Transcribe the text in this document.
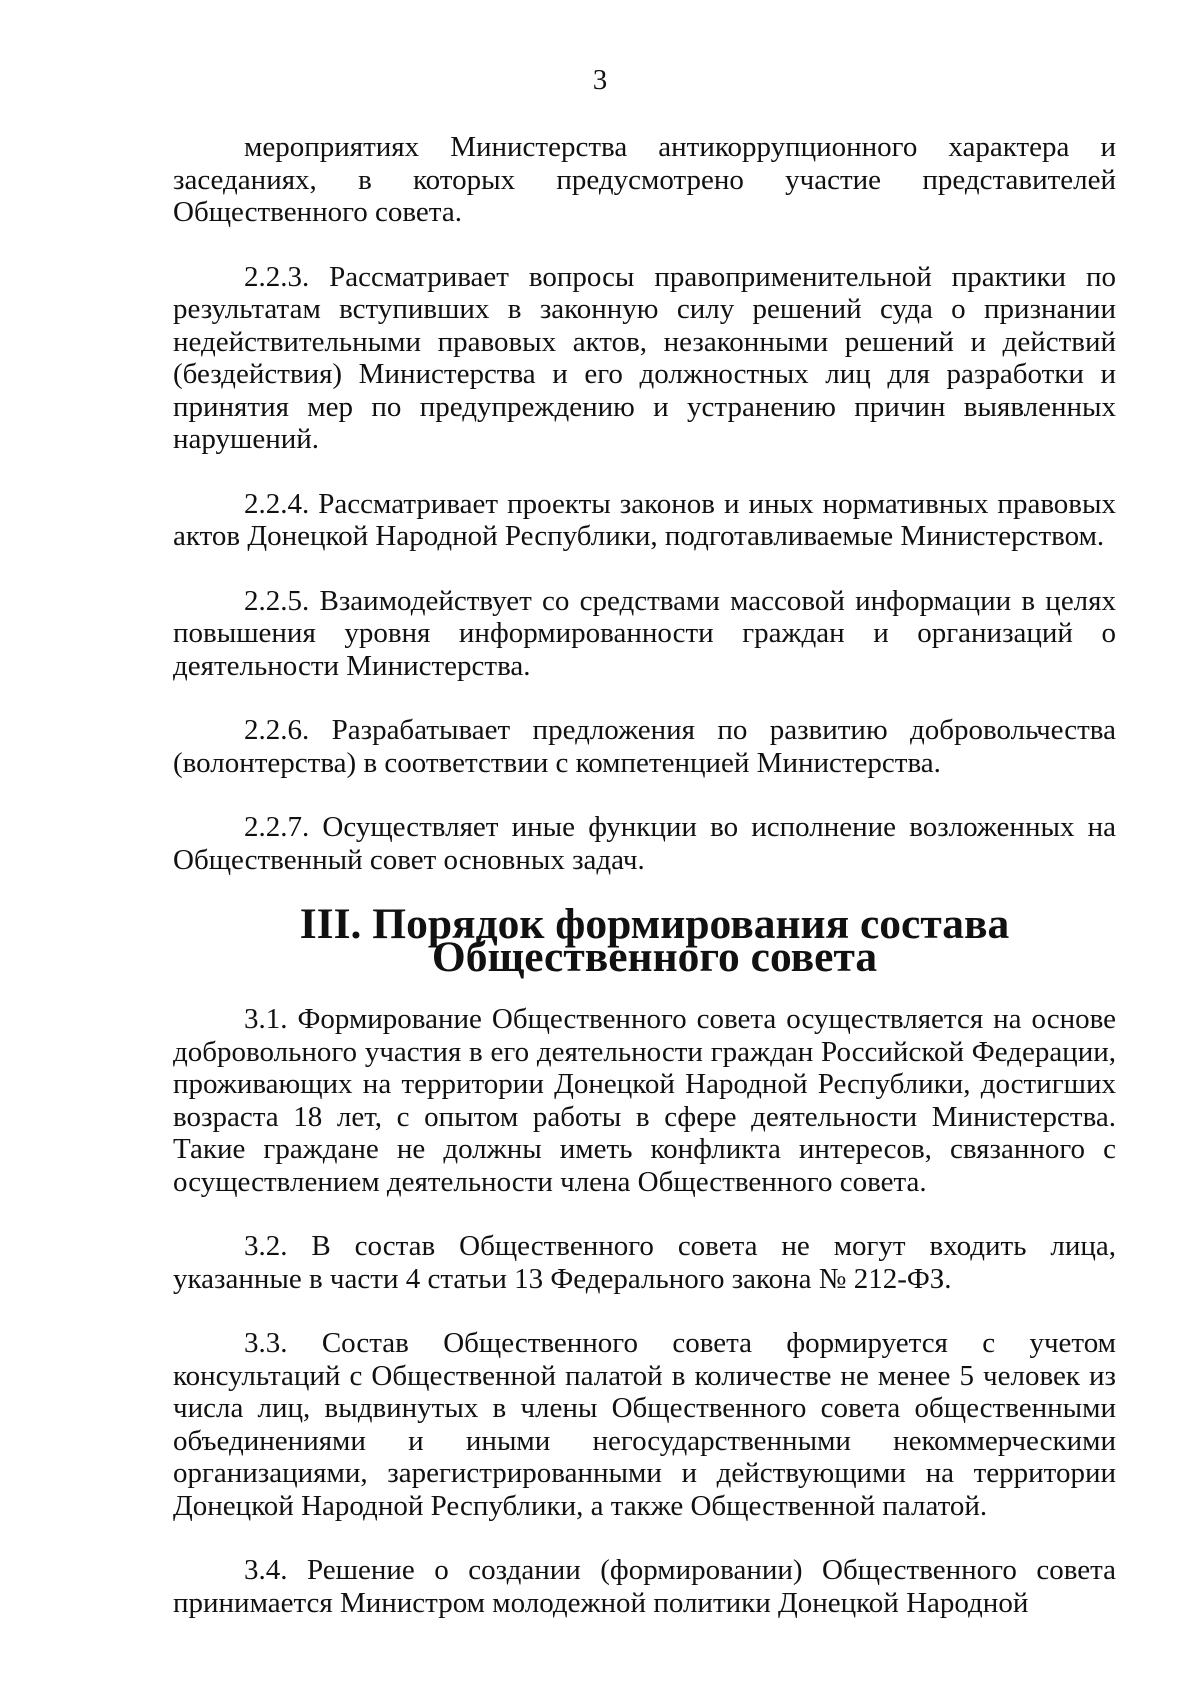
3

мероприятиях Министерства антикоррупционного характера и заседаниях, в которых предусмотрено участие представителей Общественного совета.

2.2.3. Рассматривает вопросы правоприменительной практики по результатам вступивших в законную силу решений суда о признании недействительными правовых актов, незаконными решений и действий (бездействия) Министерства и его должностных лиц для разработки и принятия мер по предупреждению и устранению причин выявленных нарушений.

2.2.4. Рассматривает проекты законов и иных нормативных правовых актов Донецкой Народной Республики, подготавливаемые Министерством.

2.2.5. Взаимодействует со средствами массовой информации в целях повышения уровня информированности граждан и организаций о деятельности Министерства.

2.2.6. Разрабатывает предложения по развитию добровольчества (волонтерства) в соответствии с компетенцией Министерства.

2.2.7. Осуществляет иные функции во исполнение возложенных на Общественный совет основных задач.

III. Порядок формирования состава Общественного совета

3.1. Формирование Общественного совета осуществляется на основе добровольного участия в его деятельности граждан Российской Федерации, проживающих на территории Донецкой Народной Республики, достигших возраста 18 лет, с опытом работы в сфере деятельности Министерства. Такие граждане не должны иметь конфликта интересов, связанного с осуществлением деятельности члена Общественного совета.

3.2. В состав Общественного совета не могут входить лица, указанные в части 4 статьи 13 Федерального закона № 212-ФЗ.

3.3. Состав Общественного совета формируется с учетом консультаций с Общественной палатой в количестве не менее 5 человек из числа лиц, выдвинутых в члены Общественного совета общественными объединениями и иными негосударственными некоммерческими организациями, зарегистрированными и действующими на территории Донецкой Народной Республики, а также Общественной палатой.

3.4. Решение о создании (формировании) Общественного совета принимается Министром молодежной политики Донецкой Народной
